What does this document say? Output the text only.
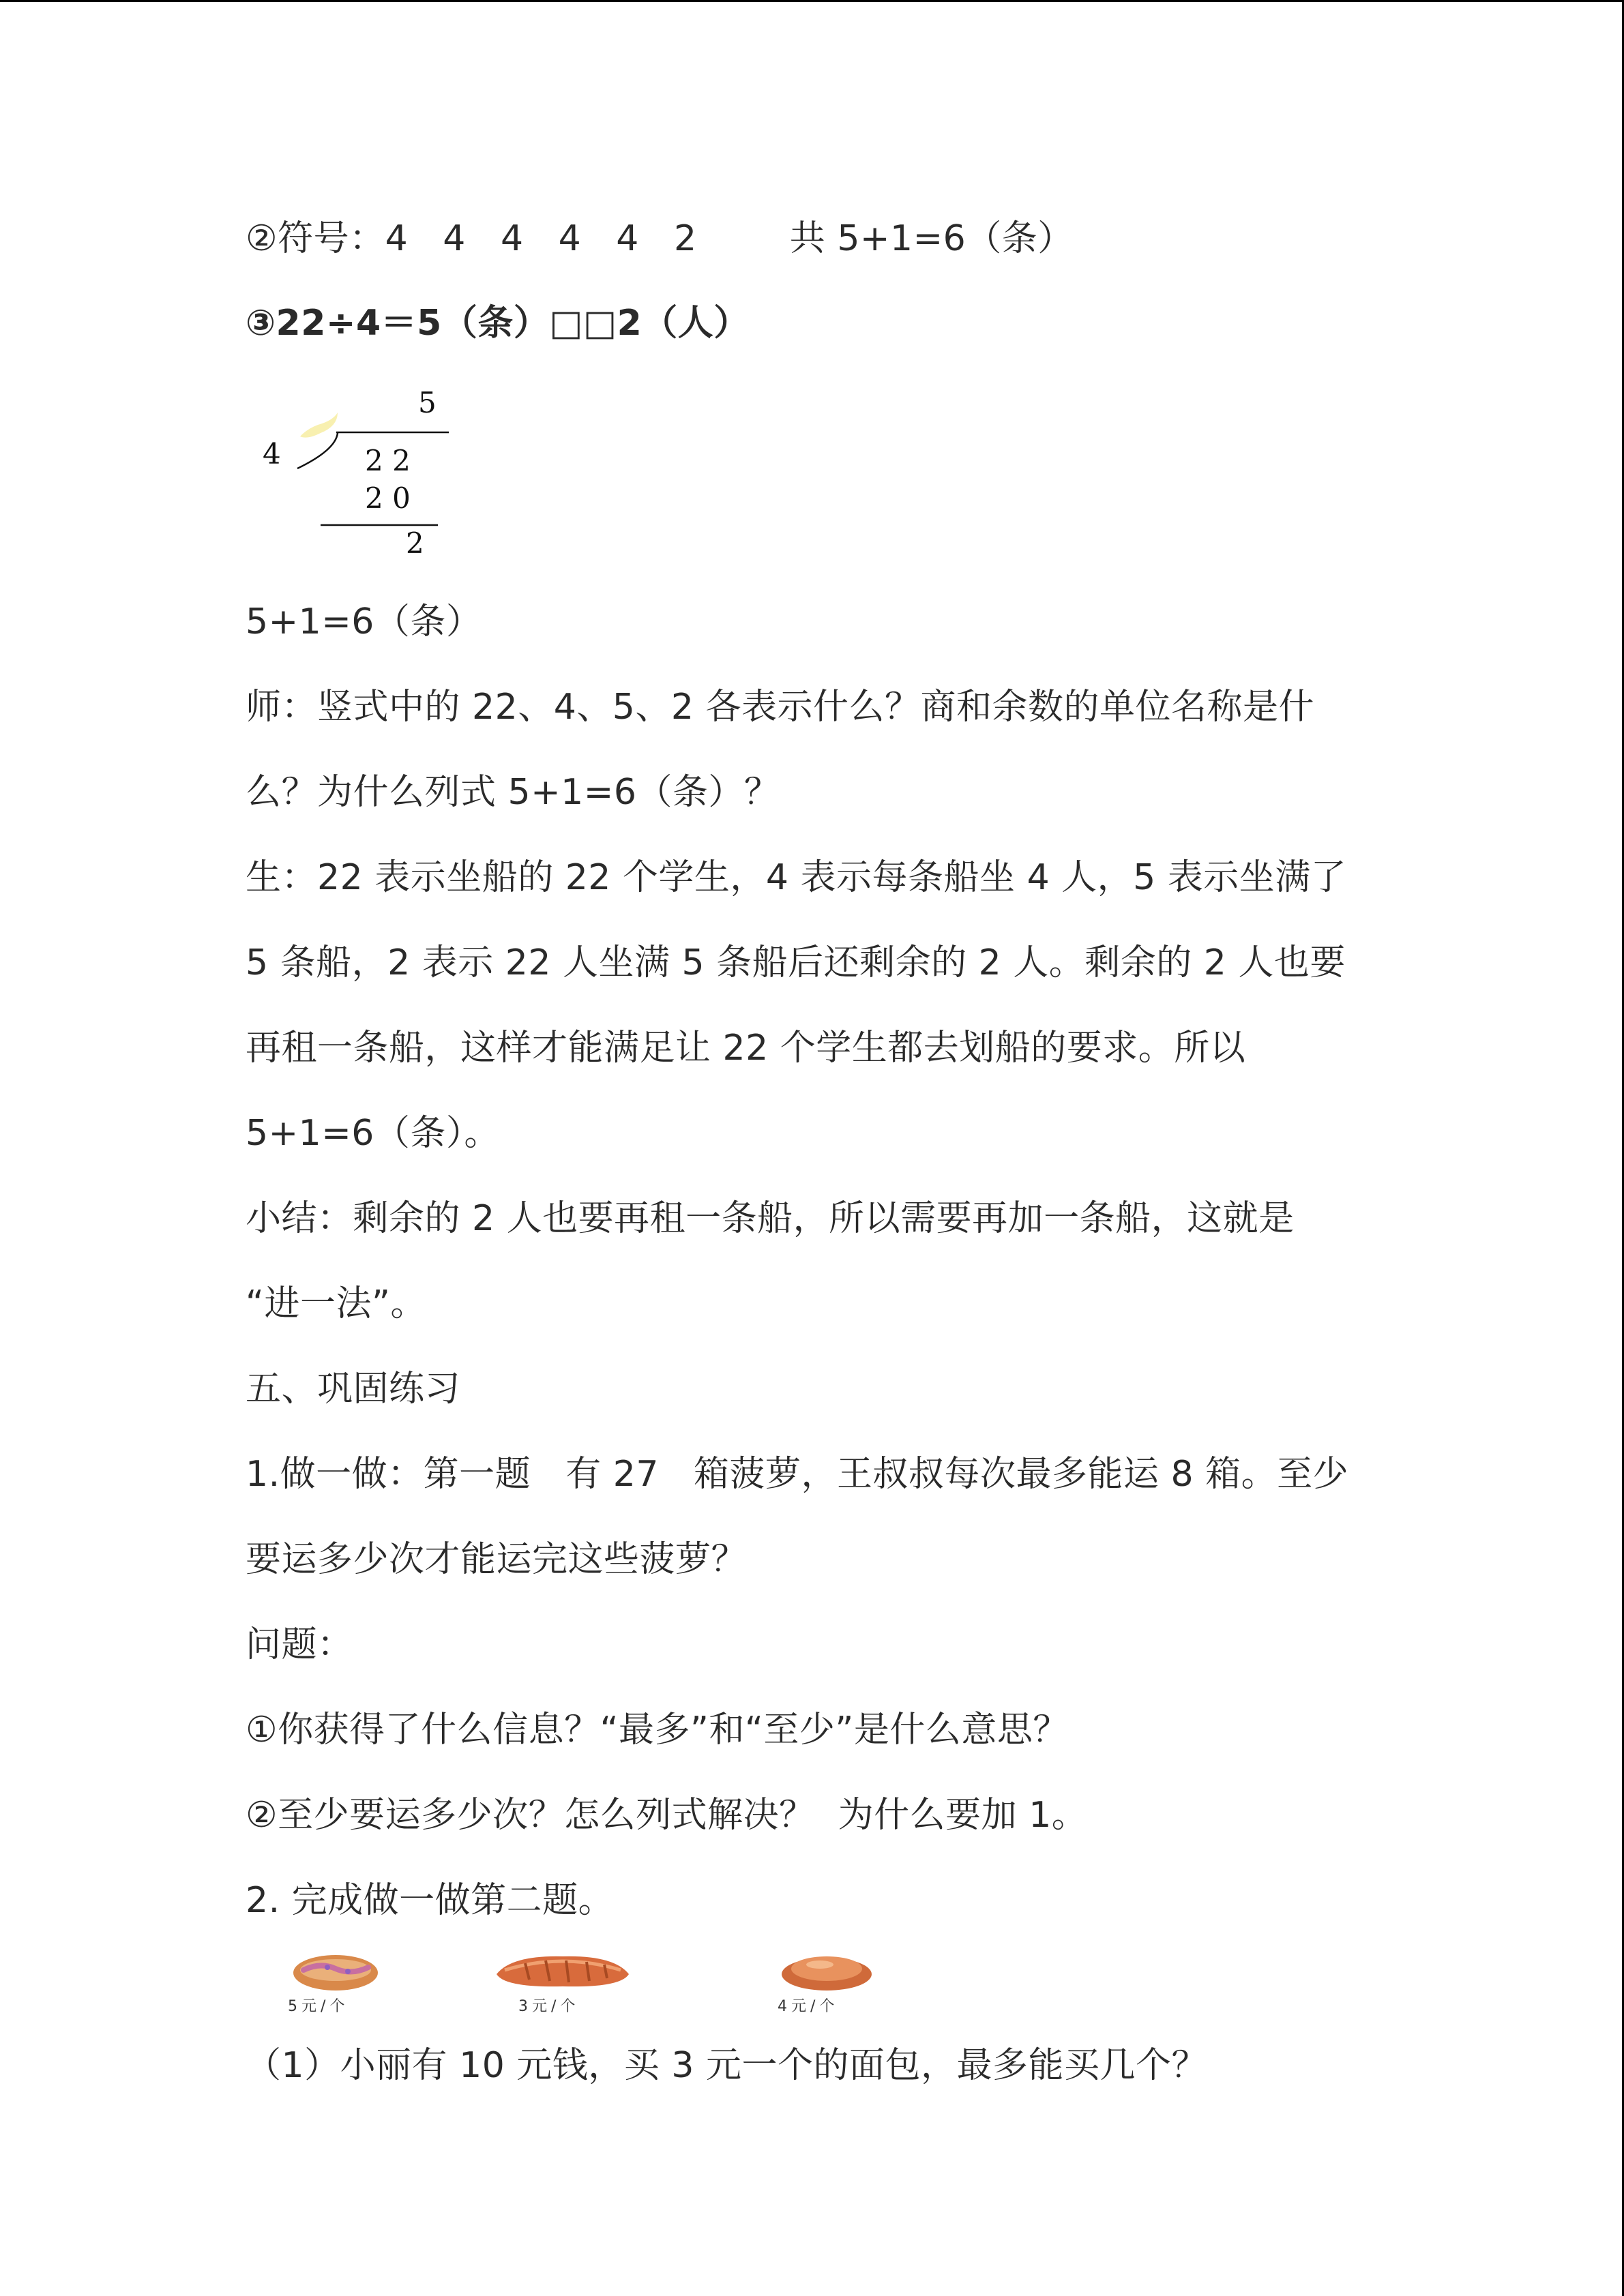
②符号：4   4   4   4   4   2        共 5+1=6（条）
③22÷4＝5（条）□□2（人）
5
4	2 2
2 0
2
5+1=6（条）
师：竖式中的 22、4、5、2 各表示什么？商和余数的单位名称是什
么？为什么列式 5+1=6（条）？
生：22 表示坐船的 22 个学生，4 表示每条船坐 4 人，5 表示坐满了
5 条船，2 表示 22 人坐满 5 条船后还剩余的 2 人。剩余的 2 人也要
再租一条船，这样才能满足让 22 个学生都去划船的要求。所以
5+1=6（条）。
小结：剩余的 2 人也要再租一条船，所以需要再加一条船，这就是
“进一法”。
五、巩固练习
1.做一做：第一题   有 27   箱菠萝，王叔叔每次最多能运 8 箱。至少
要运多少次才能运完这些菠萝？
问题：
①你获得了什么信息？“最多”和“至少”是什么意思？
②至少要运多少次？怎么列式解决？  为什么要加 1。
2. 完成做一做第二题。
5元/个	3元/个	4元/个
（1）小丽有 10 元钱，买 3 元一个的面包，最多能买几个？
